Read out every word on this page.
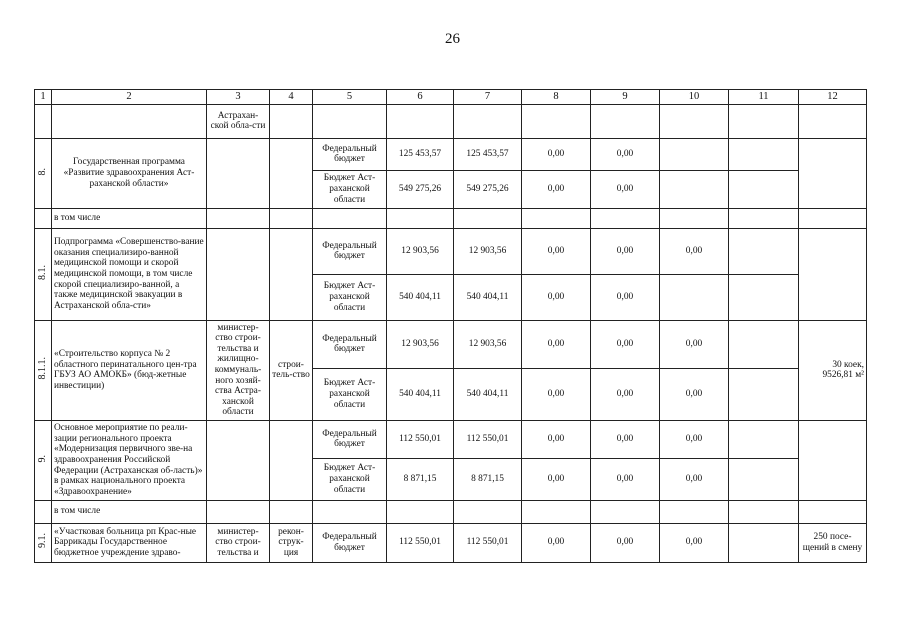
26
1	2	3	4	5	6	7	8	9	10	11	12
		Астрахан-ской обла-сти									
8.	Государственная программа «Развитие здравоохранения Аст-раханской области»			Федеральный бюджет	125 453,57	125 453,57	0,00	0,00			
				Бюджет Аст-раханской области	549 275,26	549 275,26	0,00	0,00			
	в том числе										
8.1.	Подпрограмма «Совершенство-вание оказания специализиро-ванной медицинской помощи и скорой медицинской помощи, в том числе скорой специализиро-ванной, а также медицинской эвакуации в Астраханской обла-сти»			Федеральный бюджет	12 903,56	12 903,56	0,00	0,00	0,00		
				Бюджет Аст-раханской области	540 404,11	540 404,11	0,00	0,00			
8.1.1.	«Строительство корпуса № 2 областного перинатального цен-тра ГБУЗ АО АМОКБ» (бюд-жетные инвестиции)	министер-ство строи-тельства и жилищно-коммуналь-ного хозяй-ства Астра-ханской области	строи-тель-ство	Федеральный бюджет	12 903,56	12 903,56	0,00	0,00	0,00		30 коек, 9526,81 м²
				Бюджет Аст-раханской области	540 404,11	540 404,11	0,00	0,00	0,00		
9.	Основное мероприятие по реали-зации регионального проекта «Модернизация первичного зве-на здравоохранения Российской Федерации (Астраханская об-ласть)» в рамках национального проекта «Здравоохранение»			Федеральный бюджет	112 550,01	112 550,01	0,00	0,00	0,00		
				Бюджет Аст-раханской области	8 871,15	8 871,15	0,00	0,00	0,00		
	в том числе										
9.1.	«Участковая больница рп Крас-ные Баррикады Государственное бюджетное учреждение здраво-	министер-ство строи-тельства и	рекон-струк-ция	Федеральный бюджет	112 550,01	112 550,01	0,00	0,00	0,00		250 посе-щений в смену
